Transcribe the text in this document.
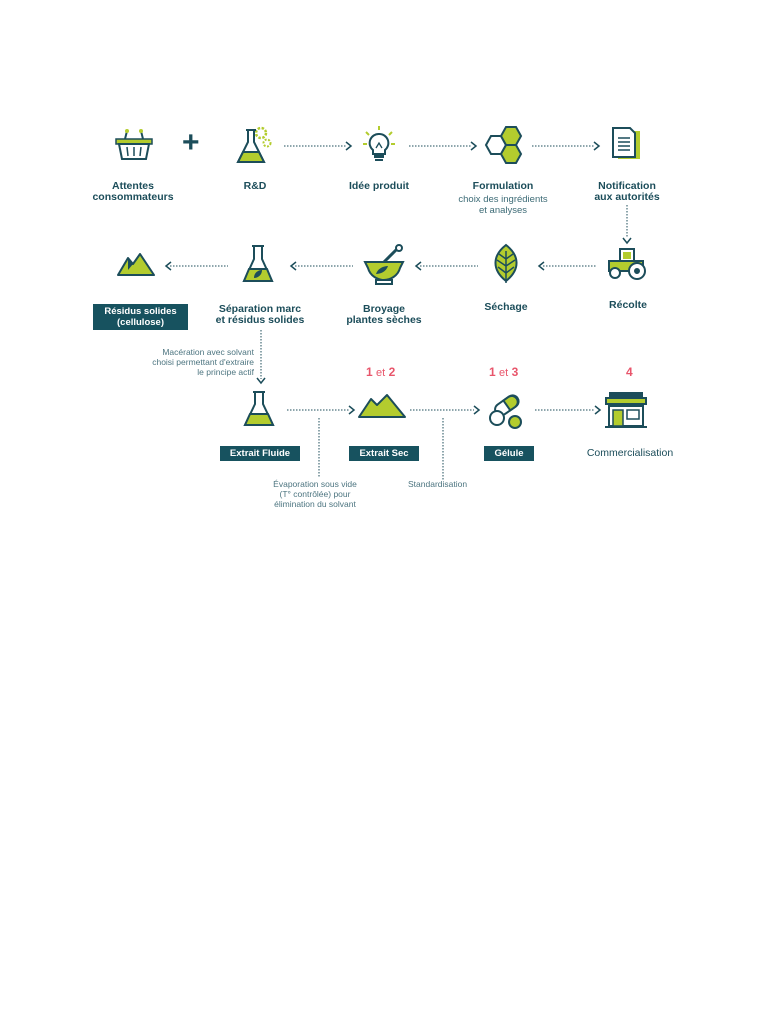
Attentes
consommateurs
+
R&D	Idée produit	Formulation
choix des ingrédients
et analyses
Notification
aux autorités
Récolte
Séchage
Broyage
plantes sèches
Séparation marc
et résidus solides
Résidus solides
(cellulose)
Macération avec solvant
choisi permettant d'extraire
le principe actif	1 et 2	1 et 3	4
Extrait Fluide
Évaporation sous vide
(T° contrôlée) pour
élimination du solvant
Extrait Sec
Standardisation
Gélule	Commercialisation
